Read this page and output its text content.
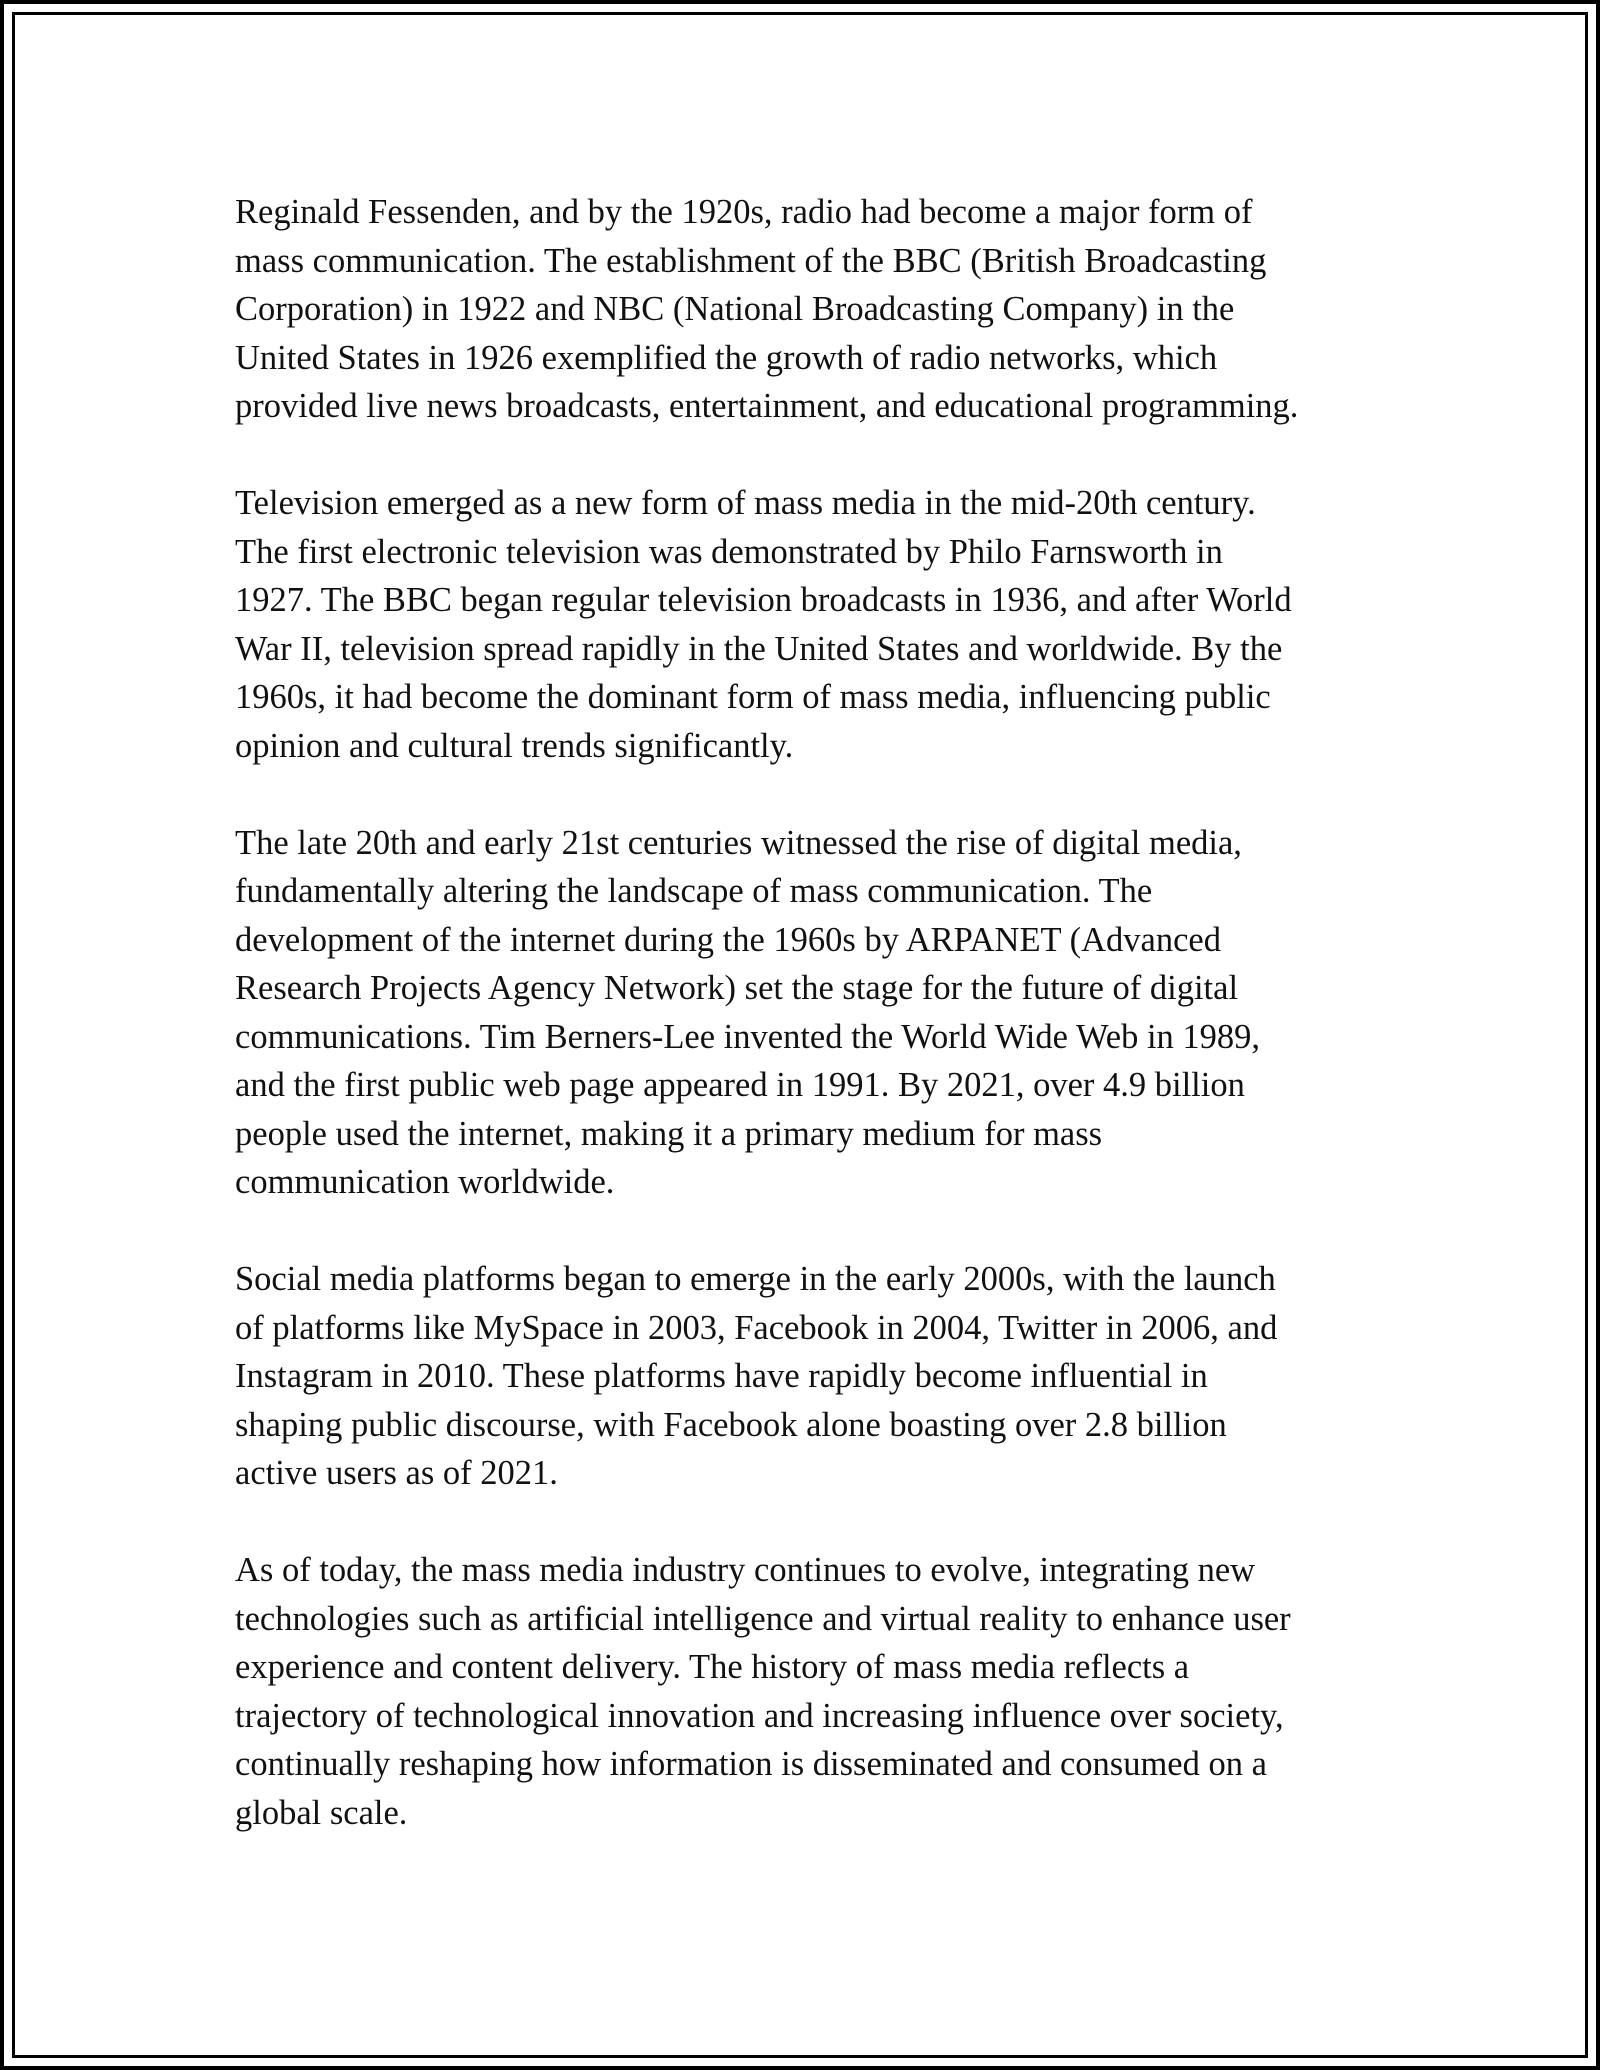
Reginald Fessenden, and by the 1920s, radio had become a major form of
mass communication. The establishment of the BBC (British Broadcasting
Corporation) in 1922 and NBC (National Broadcasting Company) in the
United States in 1926 exemplified the growth of radio networks, which
provided live news broadcasts, entertainment, and educational programming.

Television emerged as a new form of mass media in the mid-20th century.
The first electronic television was demonstrated by Philo Farnsworth in
1927. The BBC began regular television broadcasts in 1936, and after World
War II, television spread rapidly in the United States and worldwide. By the
1960s, it had become the dominant form of mass media, influencing public
opinion and cultural trends significantly.

The late 20th and early 21st centuries witnessed the rise of digital media,
fundamentally altering the landscape of mass communication. The
development of the internet during the 1960s by ARPANET (Advanced
Research Projects Agency Network) set the stage for the future of digital
communications. Tim Berners-Lee invented the World Wide Web in 1989,
and the first public web page appeared in 1991. By 2021, over 4.9 billion
people used the internet, making it a primary medium for mass
communication worldwide.

Social media platforms began to emerge in the early 2000s, with the launch
of platforms like MySpace in 2003, Facebook in 2004, Twitter in 2006, and
Instagram in 2010. These platforms have rapidly become influential in
shaping public discourse, with Facebook alone boasting over 2.8 billion
active users as of 2021.

As of today, the mass media industry continues to evolve, integrating new
technologies such as artificial intelligence and virtual reality to enhance user
experience and content delivery. The history of mass media reflects a
trajectory of technological innovation and increasing influence over society,
continually reshaping how information is disseminated and consumed on a
global scale.
